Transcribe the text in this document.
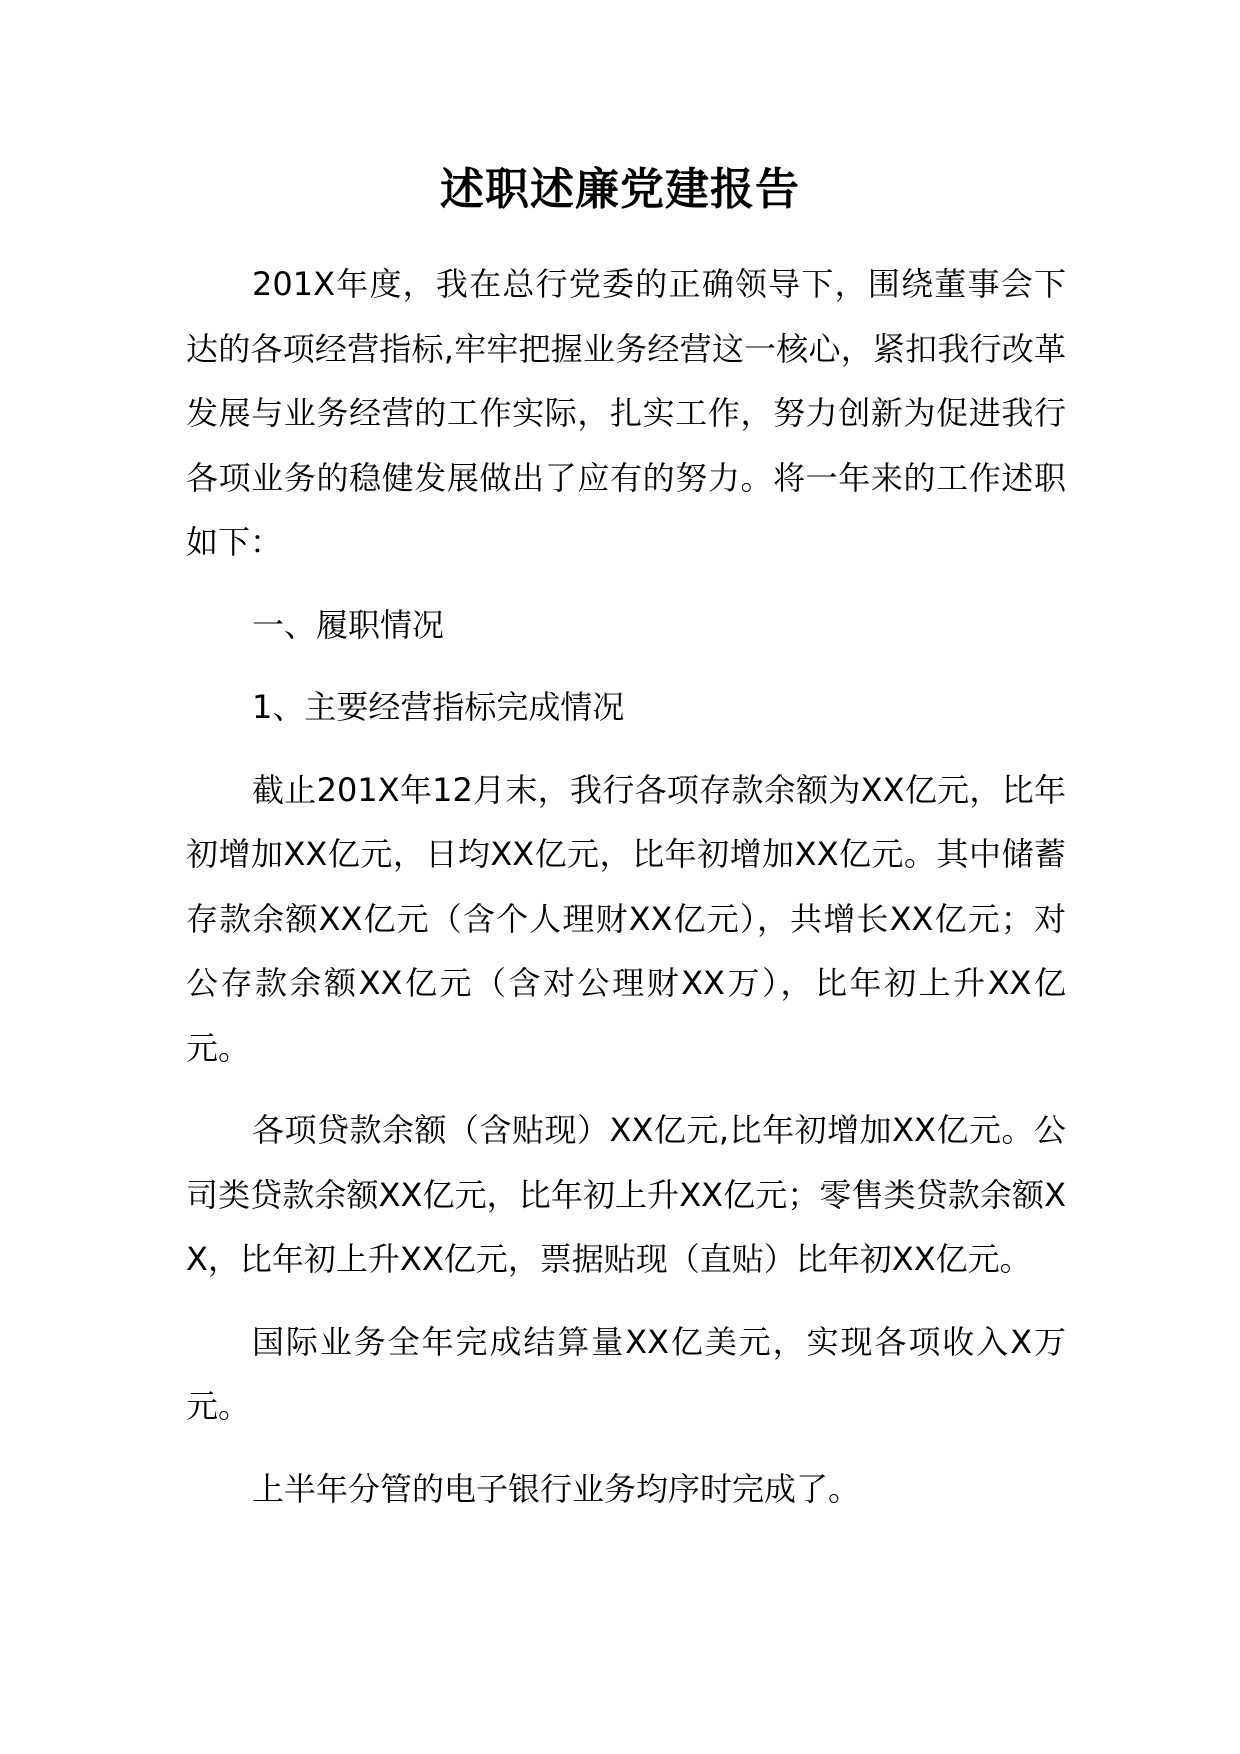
述职述廉党建报告

201X年度，我在总行党委的正确领导下，围绕董事会下达的各项经营指标,牢牢把握业务经营这一核心，紧扣我行改革发展与业务经营的工作实际，扎实工作，努力创新为促进我行各项业务的稳健发展做出了应有的努力。将一年来的工作述职如下：

一、履职情况

1、主要经营指标完成情况

截止201X年12月末，我行各项存款余额为XX亿元，比年初增加XX亿元，日均XX亿元，比年初增加XX亿元。其中储蓄存款余额XX亿元（含个人理财XX亿元），共增长XX亿元；对公存款余额XX亿元（含对公理财XX万），比年初上升XX亿元。

各项贷款余额（含贴现）XX亿元,比年初增加XX亿元。公司类贷款余额XX亿元，比年初上升XX亿元；零售类贷款余额XX，比年初上升XX亿元，票据贴现（直贴）比年初XX亿元。

国际业务全年完成结算量XX亿美元，实现各项收入X万元。

上半年分管的电子银行业务均序时完成了。
